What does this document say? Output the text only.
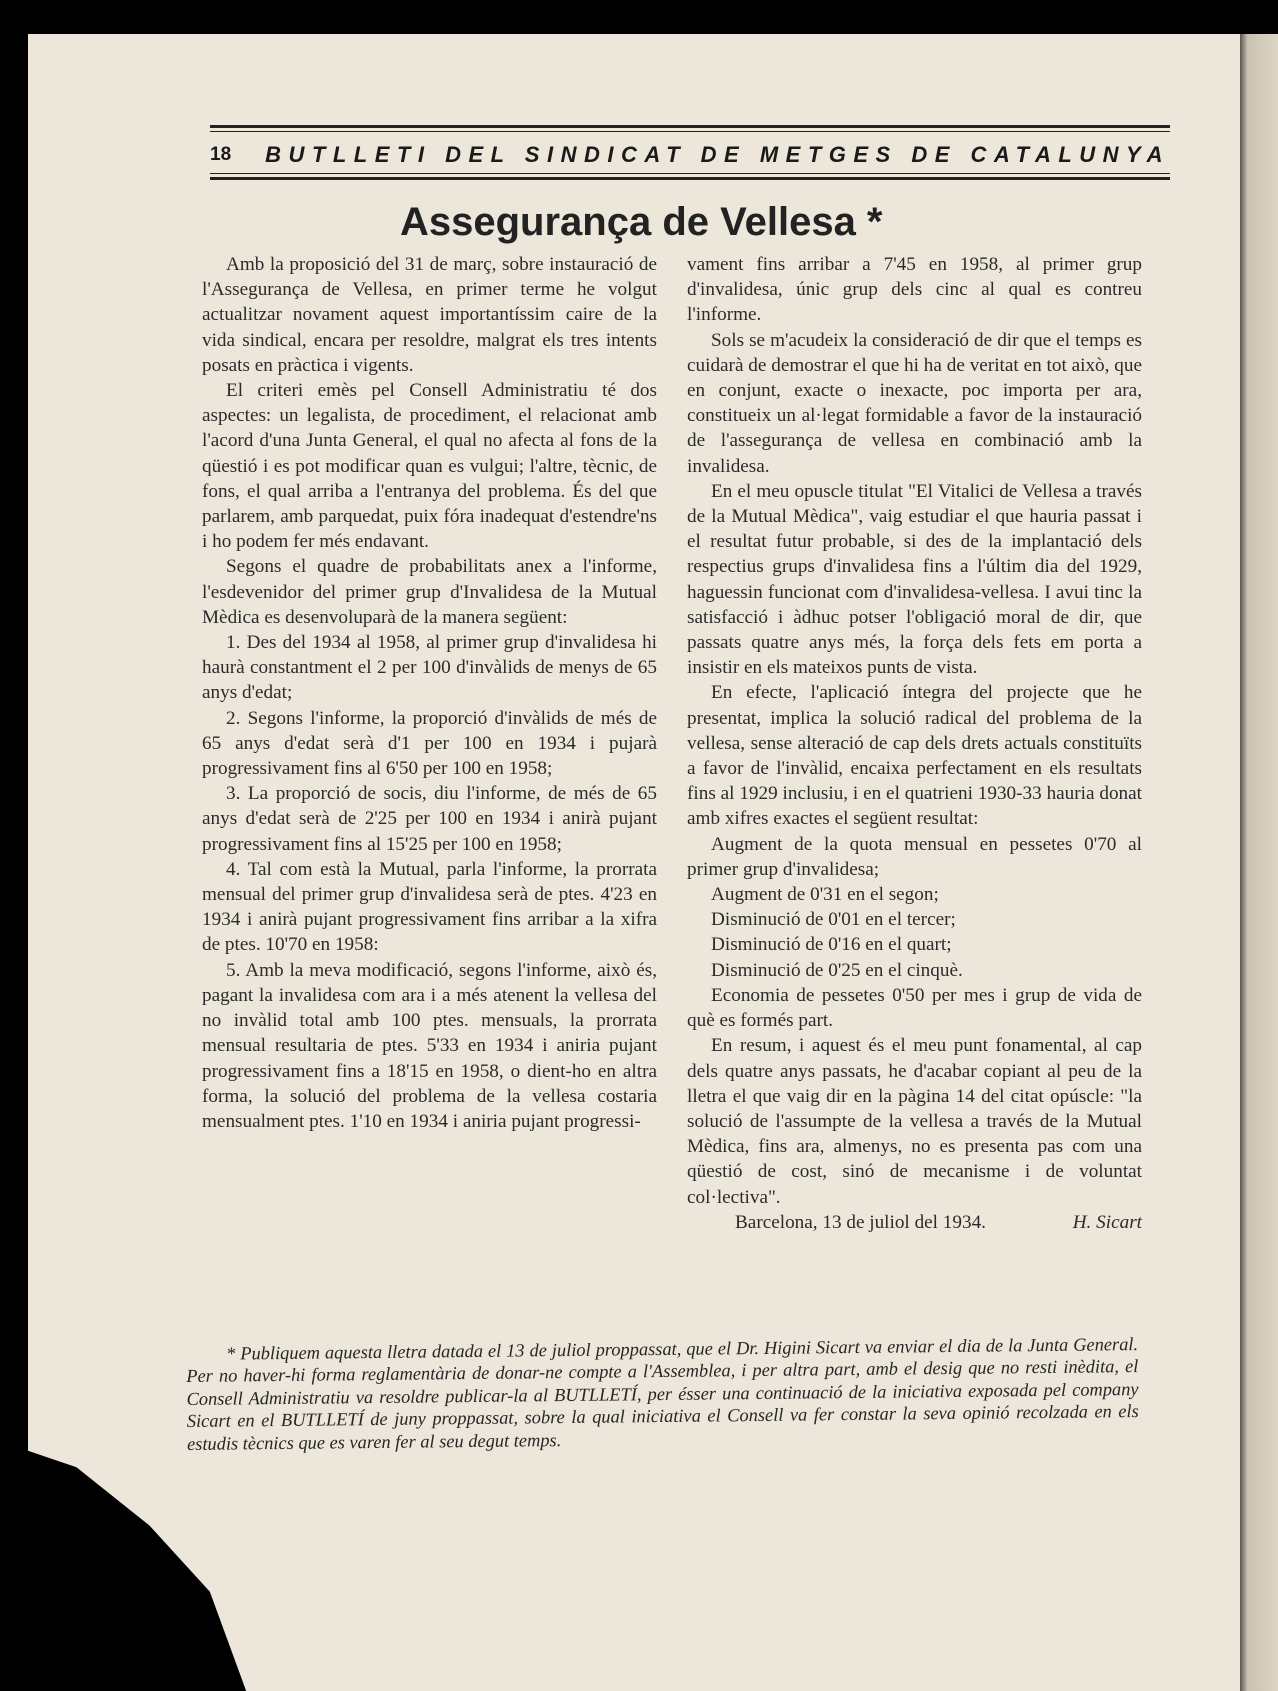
18	BUTLLETI DEL SINDICAT DE METGES DE CATALUNYA
Assegurança de Vellesa *

Amb la proposició del 31 de març, sobre instauració de l'Assegurança de Vellesa, en primer terme he volgut actualitzar novament aquest importantíssim caire de la vida sindical, encara per resoldre, malgrat els tres intents posats en pràctica i vigents.

El criteri emès pel Consell Administratiu té dos aspectes: un legalista, de procediment, el relacionat amb l'acord d'una Junta General, el qual no afecta al fons de la qüestió i es pot modificar quan es vulgui; l'altre, tècnic, de fons, el qual arriba a l'entranya del problema. És del que parlarem, amb parquedat, puix fóra inadequat d'estendre'ns i ho podem fer més endavant.

Segons el quadre de probabilitats anex a l'informe, l'esdevenidor del primer grup d'Invalidesa de la Mutual Mèdica es desenvoluparà de la manera següent:

1. Des del 1934 al 1958, al primer grup d'invalidesa hi haurà constantment el 2 per 100 d'invàlids de menys de 65 anys d'edat;

2. Segons l'informe, la proporció d'invàlids de més de 65 anys d'edat serà d'1 per 100 en 1934 i pujarà progressivament fins al 6'50 per 100 en 1958;

3. La proporció de socis, diu l'informe, de més de 65 anys d'edat serà de 2'25 per 100 en 1934 i anirà pujant progressivament fins al 15'25 per 100 en 1958;

4. Tal com està la Mutual, parla l'informe, la prorrata mensual del primer grup d'invalidesa serà de ptes. 4'23 en 1934 i anirà pujant progressivament fins arribar a la xifra de ptes. 10'70 en 1958:

5. Amb la meva modificació, segons l'informe, això és, pagant la invalidesa com ara i a més atenent la vellesa del no invàlid total amb 100 ptes. mensuals, la prorrata mensual resultaria de ptes. 5'33 en 1934 i aniria pujant progressivament fins a 18'15 en 1958, o dient-ho en altra forma, la solució del problema de la vellesa costaria mensualment ptes. 1'10 en 1934 i aniria pujant progressi-

vament fins arribar a 7'45 en 1958, al primer grup d'invalidesa, únic grup dels cinc al qual es contreu l'informe.

Sols se m'acudeix la consideració de dir que el temps es cuidarà de demostrar el que hi ha de veritat en tot això, que en conjunt, exacte o inexacte, poc importa per ara, constitueix un al·legat formidable a favor de la instauració de l'assegurança de vellesa en combinació amb la invalidesa.

En el meu opuscle titulat "El Vitalici de Vellesa a través de la Mutual Mèdica", vaig estudiar el que hauria passat i el resultat futur probable, si des de la implantació dels respectius grups d'invalidesa fins a l'últim dia del 1929, haguessin funcionat com d'invalidesa-vellesa. I avui tinc la satisfacció i àdhuc potser l'obligació moral de dir, que passats quatre anys més, la força dels fets em porta a insistir en els mateixos punts de vista.

En efecte, l'aplicació íntegra del projecte que he presentat, implica la solució radical del problema de la vellesa, sense alteració de cap dels drets actuals constituïts a favor de l'invàlid, encaixa perfectament en els resultats fins al 1929 inclusiu, i en el quatrieni 1930-33 hauria donat amb xifres exactes el següent resultat:

Augment de la quota mensual en pessetes 0'70 al primer grup d'invalidesa;

Augment de 0'31 en el segon;

Disminució de 0'01 en el tercer;

Disminució de 0'16 en el quart;

Disminució de 0'25 en el cinquè.

Economia de pessetes 0'50 per mes i grup de vida de què es formés part.

En resum, i aquest és el meu punt fonamental, al cap dels quatre anys passats, he d'acabar copiant al peu de la lletra el que vaig dir en la pàgina 14 del citat opúscle: "la solució de l'assumpte de la vellesa a través de la Mutual Mèdica, fins ara, almenys, no es presenta pas com una qüestió de cost, sinó de mecanisme i de voluntat col·lectiva".

Barcelona, 13 de juliol del 1934.	H. Sicart

* Publiquem aquesta lletra datada el 13 de juliol proppassat, que el Dr. Higini Sicart va enviar el dia de la Junta General. Per no haver-hi forma reglamentària de donar-ne compte a l'Assemblea, i per altra part, amb el desig que no resti inèdita, el Consell Administratiu va resoldre publicar-la al BUTLLETÍ, per ésser una continuació de la iniciativa exposada pel company Sicart en el BUTLLETÍ de juny proppassat, sobre la qual iniciativa el Consell va fer constar la seva opinió recolzada en els estudis tècnics que es varen fer al seu degut temps.
